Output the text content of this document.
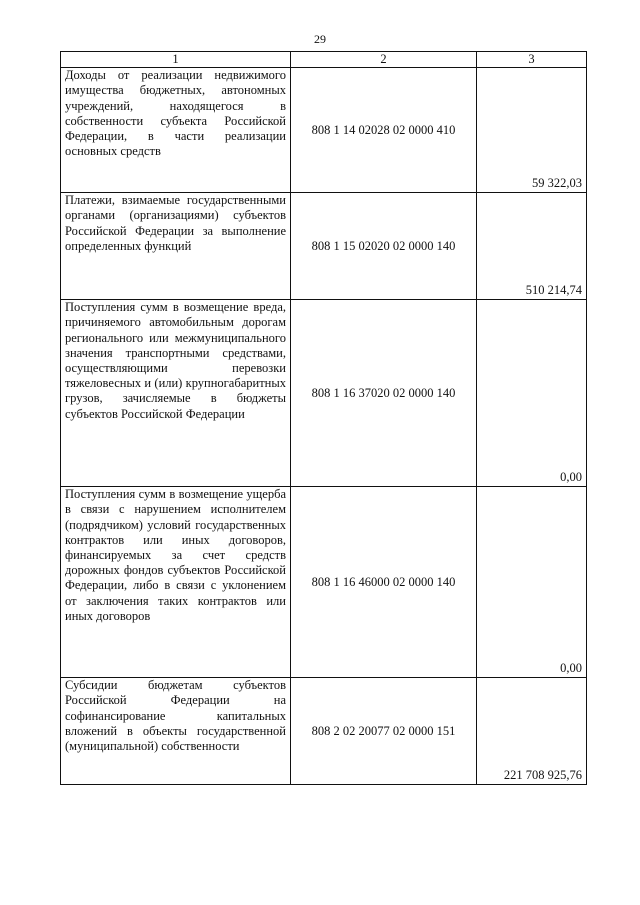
29
1	2	3
Доходы от реализации недвижимого имущества бюджетных, автономных учреждений, находящегося в собственности субъекта Российской Федерации, в части реализации основных средств	808 1 14 02028 02 0000 410	59 322,03
Платежи, взимаемые государственными органами (организациями) субъектов Российской Федерации за выполнение определенных функций	808 1 15 02020 02 0000 140	510 214,74
Поступления сумм в возмещение вреда, причиняемого автомобильным дорогам регионального или межмуниципального значения транспортными средствами, осуществляющими перевозки тяжеловесных и (или) крупногабаритных грузов, зачисляемые в бюджеты субъектов Российской Федерации	808 1 16 37020 02 0000 140	0,00
Поступления сумм в возмещение ущерба в связи с нарушением исполнителем (подрядчиком) условий государственных контрактов или иных договоров, финансируемых за счет средств дорожных фондов субъектов Российской Федерации, либо в связи с уклонением от заключения таких контрактов или иных договоров	808 1 16 46000 02 0000 140	0,00
Субсидии бюджетам субъектов Российской Федерации на софинансирование капитальных вложений в объекты государственной (муниципальной) собственности	808 2 02 20077 02 0000 151	221 708 925,76
